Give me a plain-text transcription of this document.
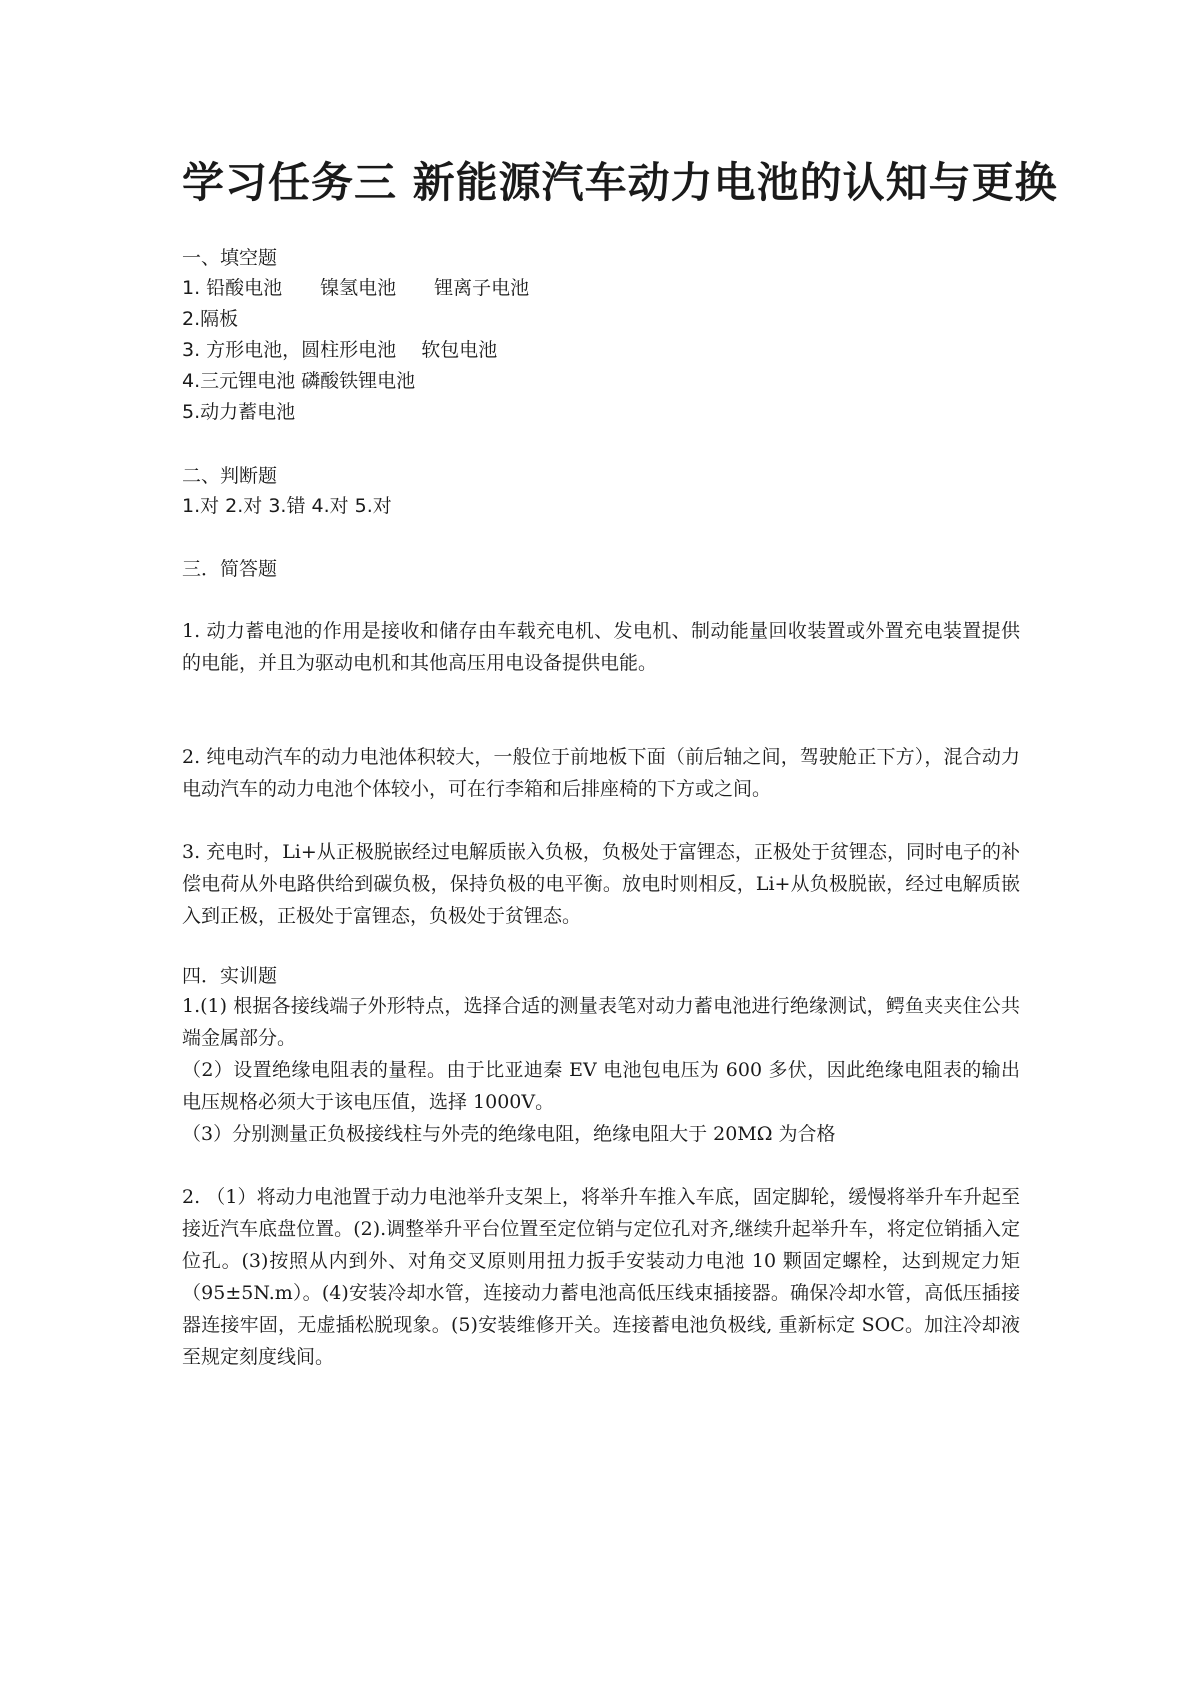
学习任务三 新能源汽车动力电池的认知与更换
一、填空题
1. 铅酸电池　　镍氢电池　　锂离子电池
2.隔板
3. 方形电池，圆柱形电池　 软包电池
4.三元锂电池 磷酸铁锂电池
5.动力蓄电池
二、判断题
1.对 2.对 3.错 4.对 5.对
三．简答题

1. 动力蓄电池的作用是接收和储存由车载充电机、发电机、制动能量回收装置或外置充电装置提供的电能，并且为驱动电机和其他高压用电设备提供电能。

2. 纯电动汽车的动力电池体积较大，一般位于前地板下面（前后轴之间，驾驶舱正下方），混合动力电动汽车的动力电池个体较小，可在行李箱和后排座椅的下方或之间。

3. 充电时，Li+从正极脱嵌经过电解质嵌入负极，负极处于富锂态，正极处于贫锂态，同时电子的补偿电荷从外电路供给到碳负极，保持负极的电平衡。放电时则相反，Li+从负极脱嵌，经过电解质嵌入到正极，正极处于富锂态，负极处于贫锂态。

四．实训题

1.(1) 根据各接线端子外形特点，选择合适的测量表笔对动力蓄电池进行绝缘测试，鳄鱼夹夹住公共端金属部分。

（2）设置绝缘电阻表的量程。由于比亚迪秦 EV 电池包电压为 600 多伏，因此绝缘电阻表的输出电压规格必须大于该电压值，选择 1000V。

（3）分别测量正负极接线柱与外壳的绝缘电阻，绝缘电阻大于 20MΩ 为合格

2. （1）将动力电池置于动力电池举升支架上，将举升车推入车底，固定脚轮，缓慢将举升车升起至接近汽车底盘位置。(2).调整举升平台位置至定位销与定位孔对齐,继续升起举升车，将定位销插入定位孔。(3)按照从内到外、对角交叉原则用扭力扳手安装动力电池 10 颗固定螺栓，达到规定力矩（95±5N.m）。(4)安装冷却水管，连接动力蓄电池高低压线束插接器。确保冷却水管，高低压插接器连接牢固，无虚插松脱现象。(5)安装维修开关。连接蓄电池负极线, 重新标定 SOC。加注冷却液至规定刻度线间。
